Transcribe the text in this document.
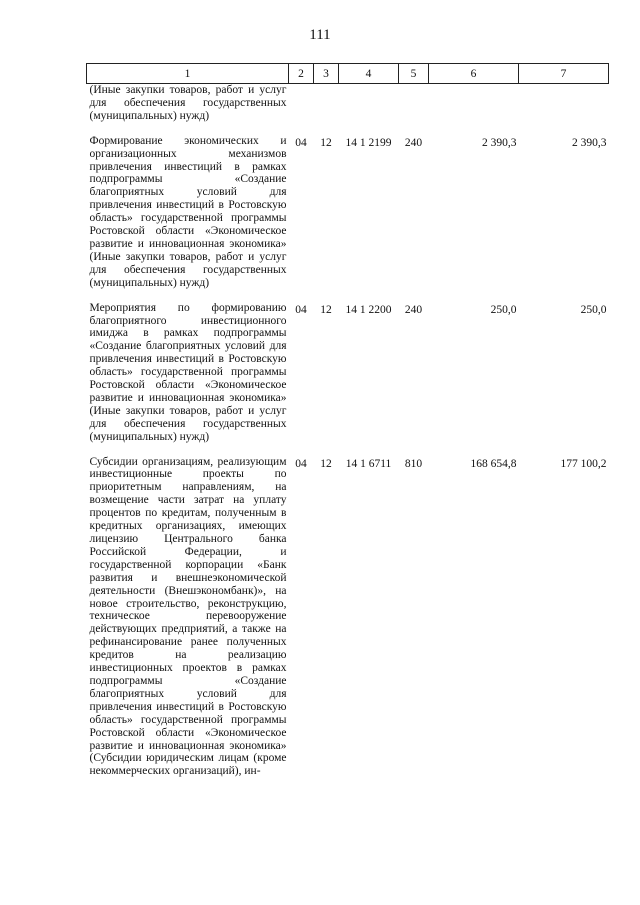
111
1	2	3	4	5	6	7
(Иные закупки товаров, работ и услуг для обеспечения государственных (муниципальных) нужд)						
Формирование экономических и организационных механизмов привлечения инвестиций в рамках подпрограммы «Создание благоприятных условий для привлечения инвестиций в Ростовскую область» государственной программы Ростовской области «Экономическое развитие и инновационная экономика» (Иные закупки товаров, работ и услуг для обеспечения государственных (муниципальных) нужд)	04	12	14 1 2199	240	2 390,3	2 390,3
Мероприятия по формированию благоприятного инвестиционного имиджа в рамках подпрограммы «Создание благоприятных условий для привлечения инвестиций в Ростовскую область» государственной программы Ростовской области «Экономическое развитие и инновационная экономика» (Иные закупки товаров, работ и услуг для обеспечения государственных (муниципальных) нужд)	04	12	14 1 2200	240	250,0	250,0
Субсидии организациям, реализующим инвестиционные проекты по приоритетным направлениям, на возмещение части затрат на уплату процентов по кредитам, полученным в кредитных организациях, имеющих лицензию Центрального банка Российской Федерации, и государственной корпорации «Банк развития и внешнеэкономической деятельности (Внешэкономбанк)», на новое строительство, реконструкцию, техническое перевооружение действующих предприятий, а также на рефинансирование ранее полученных кредитов на реализацию инвестиционных проектов в рамках подпрограммы «Создание благоприятных условий для привлечения инвестиций в Ростовскую область» государственной программы Ростовской области «Экономическое развитие и инновационная экономика» (Субсидии юридическим лицам (кроме некоммерческих организаций), ин-	04	12	14 1 6711	810	168 654,8	177 100,2
